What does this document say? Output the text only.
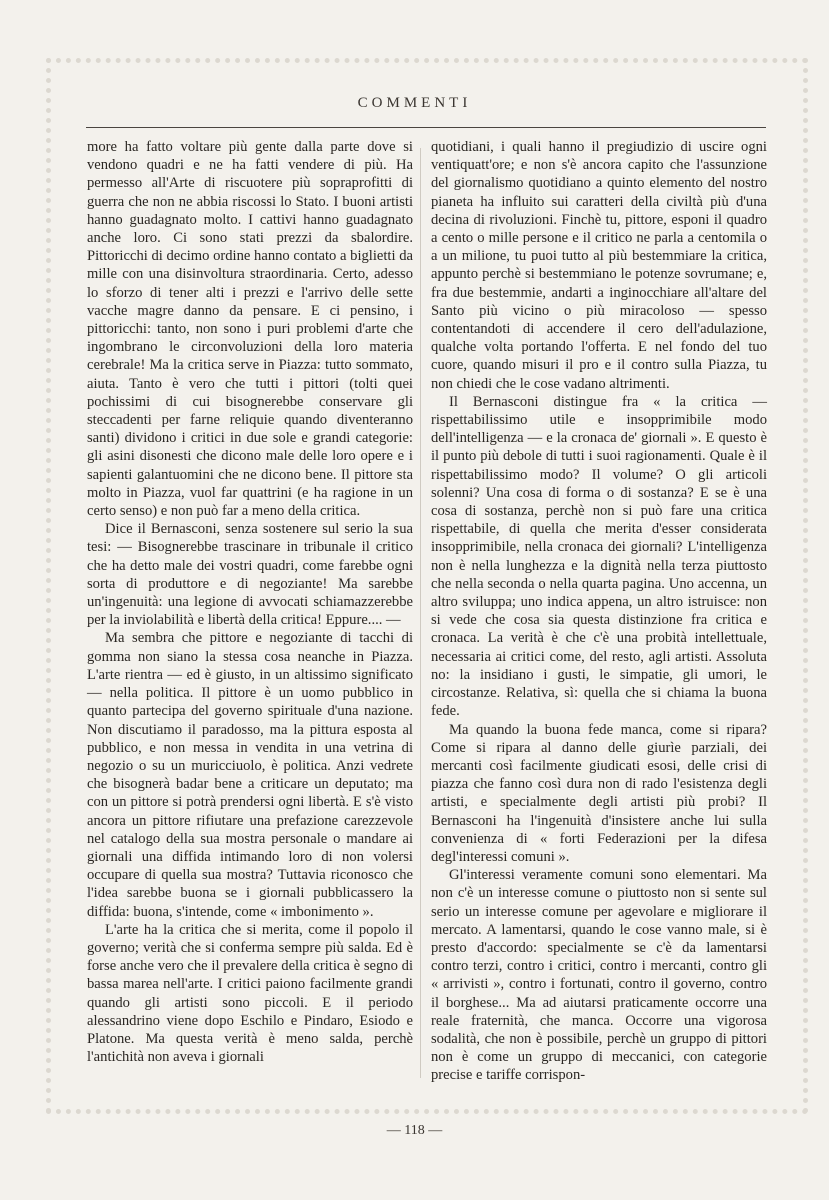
COMMENTI

more ha fatto voltare più gente dalla parte dove si vendono quadri e ne ha fatti vendere di più. Ha permesso all'Arte di riscuotere più sopraprofitti di guerra che non ne abbia riscossi lo Stato. I buoni artisti hanno guadagnato molto. I cattivi hanno guadagnato anche loro. Ci sono stati prezzi da sbalordire. Pittoricchi di decimo ordine hanno contato a biglietti da mille con una disinvoltura straordinaria. Certo, adesso lo sforzo di tener alti i prezzi e l'arrivo delle sette vacche magre danno da pensare. E ci pensino, i pittoricchi: tanto, non sono i puri problemi d'arte che ingombrano le circonvoluzioni della loro materia cerebrale! Ma la critica serve in Piazza: tutto sommato, aiuta. Tanto è vero che tutti i pittori (tolti quei pochissimi di cui bisognerebbe conservare gli steccadenti per farne reliquie quando diventeranno santi) dividono i critici in due sole e grandi categorie: gli asini disonesti che dicono male delle loro opere e i sapienti galantuomini che ne dicono bene. Il pittore sta molto in Piazza, vuol far quattrini (e ha ragione in un certo senso) e non può far a meno della critica.

Dice il Bernasconi, senza sostenere sul serio la sua tesi: — Bisognerebbe trascinare in tribunale il critico che ha detto male dei vostri quadri, come farebbe ogni sorta di produttore e di negoziante! Ma sarebbe un'ingenuità: una legione di avvocati schiamazzerebbe per la inviolabilità e libertà della critica! Eppure.... —

Ma sembra che pittore e negoziante di tacchi di gomma non siano la stessa cosa neanche in Piazza. L'arte rientra — ed è giusto, in un altissimo significato — nella politica. Il pittore è un uomo pubblico in quanto partecipa del governo spirituale d'una nazione. Non discutiamo il paradosso, ma la pittura esposta al pubblico, e non messa in vendita in una vetrina di negozio o su un muricciuolo, è politica. Anzi vedrete che bisognerà badar bene a criticare un deputato; ma con un pittore si potrà prendersi ogni libertà. E s'è visto ancora un pittore rifiutare una prefazione carezzevole nel catalogo della sua mostra personale o mandare ai giornali una diffida intimando loro di non volersi occupare di quella sua mostra? Tuttavia riconosco che l'idea sarebbe buona se i giornali pubblicassero la diffida: buona, s'intende, come « imbonimento ».

L'arte ha la critica che si merita, come il popolo il governo; verità che si conferma sempre più salda. Ed è forse anche vero che il prevalere della critica è segno di bassa marea nell'arte. I critici paiono facilmente grandi quando gli artisti sono piccoli. E il periodo alessandrino viene dopo Eschilo e Pindaro, Esiodo e Platone. Ma questa verità è meno salda, perchè l'antichità non aveva i giornali

quotidiani, i quali hanno il pregiudizio di uscire ogni ventiquatt'ore; e non s'è ancora capito che l'assunzione del giornalismo quotidiano a quinto elemento del nostro pianeta ha influito sui caratteri della civiltà più d'una decina di rivoluzioni. Finchè tu, pittore, esponi il quadro a cento o mille persone e il critico ne parla a centomila o a un milione, tu puoi tutto al più bestemmiare la critica, appunto perchè si bestemmiano le potenze sovrumane; e, fra due bestemmie, andarti a inginocchiare all'altare del Santo più vicino o più miracoloso — spesso contentandoti di accendere il cero dell'adulazione, qualche volta portando l'offerta. E nel fondo del tuo cuore, quando misuri il pro e il contro sulla Piazza, tu non chiedi che le cose vadano altrimenti.

Il Bernasconi distingue fra « la critica — rispettabilissimo utile e insopprimibile modo dell'intelligenza — e la cronaca de' giornali ». E questo è il punto più debole di tutti i suoi ragionamenti. Quale è il rispettabilissimo modo? Il volume? O gli articoli solenni? Una cosa di forma o di sostanza? E se è una cosa di sostanza, perchè non si può fare una critica rispettabile, di quella che merita d'esser considerata insopprimibile, nella cronaca dei giornali? L'intelligenza non è nella lunghezza e la dignità nella terza piuttosto che nella seconda o nella quarta pagina. Uno accenna, un altro sviluppa; uno indica appena, un altro istruisce: non si vede che cosa sia questa distinzione fra critica e cronaca. La verità è che c'è una probità intellettuale, necessaria ai critici come, del resto, agli artisti. Assoluta no: la insidiano i gusti, le simpatie, gli umori, le circostanze. Relativa, sì: quella che si chiama la buona fede.

Ma quando la buona fede manca, come si ripara? Come si ripara al danno delle giurìe parziali, dei mercanti così facilmente giudicati esosi, delle crisi di piazza che fanno così dura non di rado l'esistenza degli artisti, e specialmente degli artisti più probi? Il Bernasconi ha l'ingenuità d'insistere anche lui sulla convenienza di « forti Federazioni per la difesa degl'interessi comuni ».

Gl'interessi veramente comuni sono elementari. Ma non c'è un interesse comune o piuttosto non si sente sul serio un interesse comune per agevolare e migliorare il mercato. A lamentarsi, quando le cose vanno male, si è presto d'accordo: specialmente se c'è da lamentarsi contro terzi, contro i critici, contro i mercanti, contro gli « arrivisti », contro i fortunati, contro il governo, contro il borghese... Ma ad aiutarsi praticamente occorre una reale fraternità, che manca. Occorre una vigorosa sodalità, che non è possibile, perchè un gruppo di pittori non è come un gruppo di meccanici, con categorie precise e tariffe corrispon-

— 118 —
